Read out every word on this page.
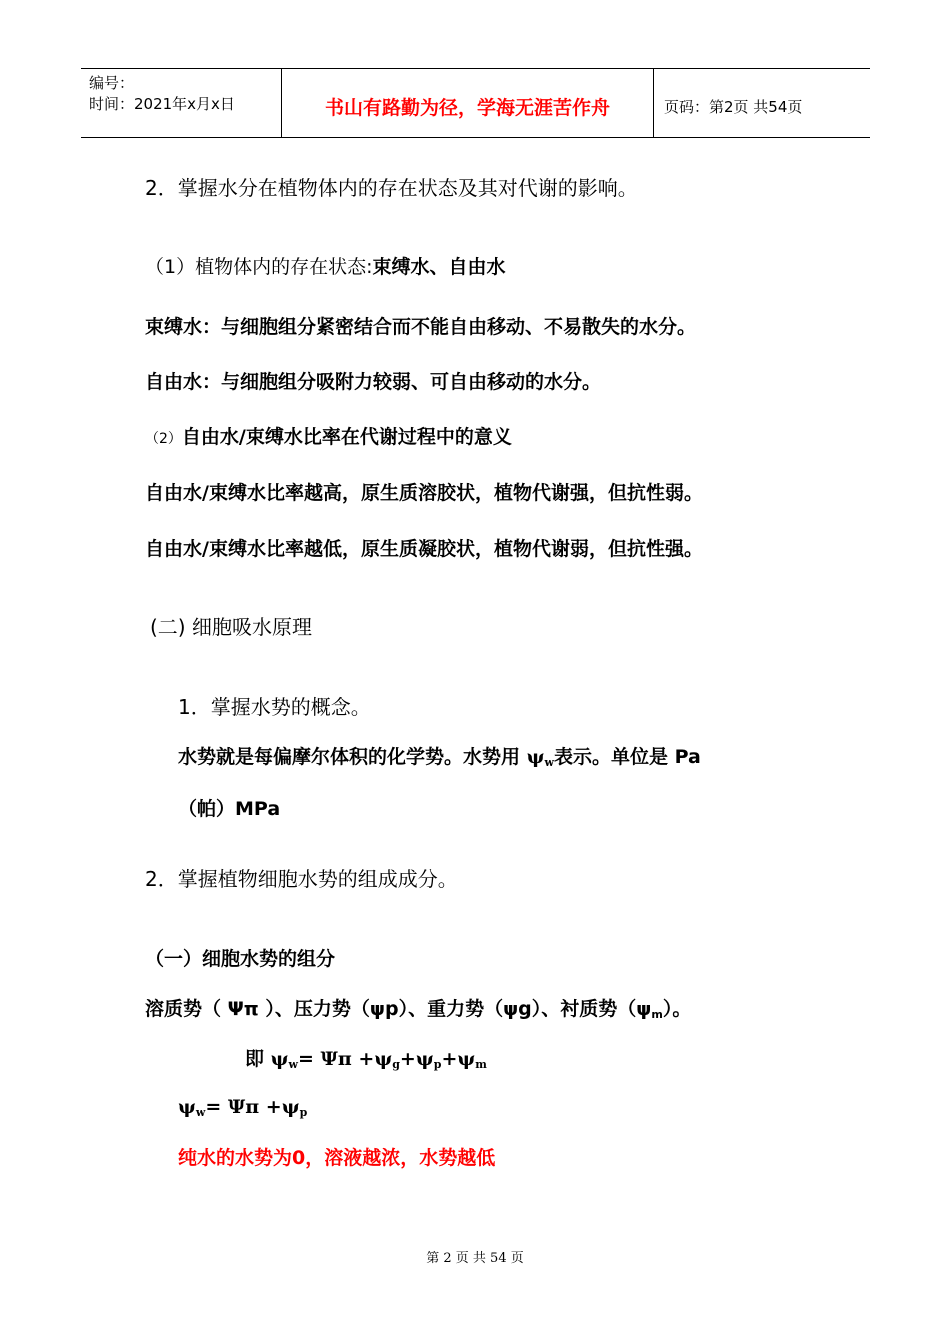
编号：
时间：2021年x月x日	书山有路勤为径，学海无涯苦作舟	页码：第2页 共54页
2．掌握水分在植物体内的存在状态及其对代谢的影响。
（1）植物体内的存在状态:束缚水、自由水
束缚水：与细胞组分紧密结合而不能自由移动、不易散失的水分。
自由水：与细胞组分吸附力较弱、可自由移动的水分。
（2）自由水/束缚水比率在代谢过程中的意义
自由水/束缚水比率越高，原生质溶胶状，植物代谢强，但抗性弱。
自由水/束缚水比率越低，原生质凝胶状，植物代谢弱，但抗性强。
(二) 细胞吸水原理
1．掌握水势的概念。
水势就是每偏摩尔体积的化学势。水势用 $\psi_w$表示。单位是 Pa
（帕）MPa
2．掌握植物细胞水势的组成成分。
（一）细胞水势的组分
溶质势（ Ψπ ）、压力势（ψp）、重力势（ψg）、衬质势$(\psi_m)$。
即 $\psi_w= \Psi\pi +\psi_g+\psi_p+\psi_m$
$\psi_w= \Psi\pi +\psi_p$
纯水的水势为0，溶液越浓，水势越低
第 2 页 共 54 页
